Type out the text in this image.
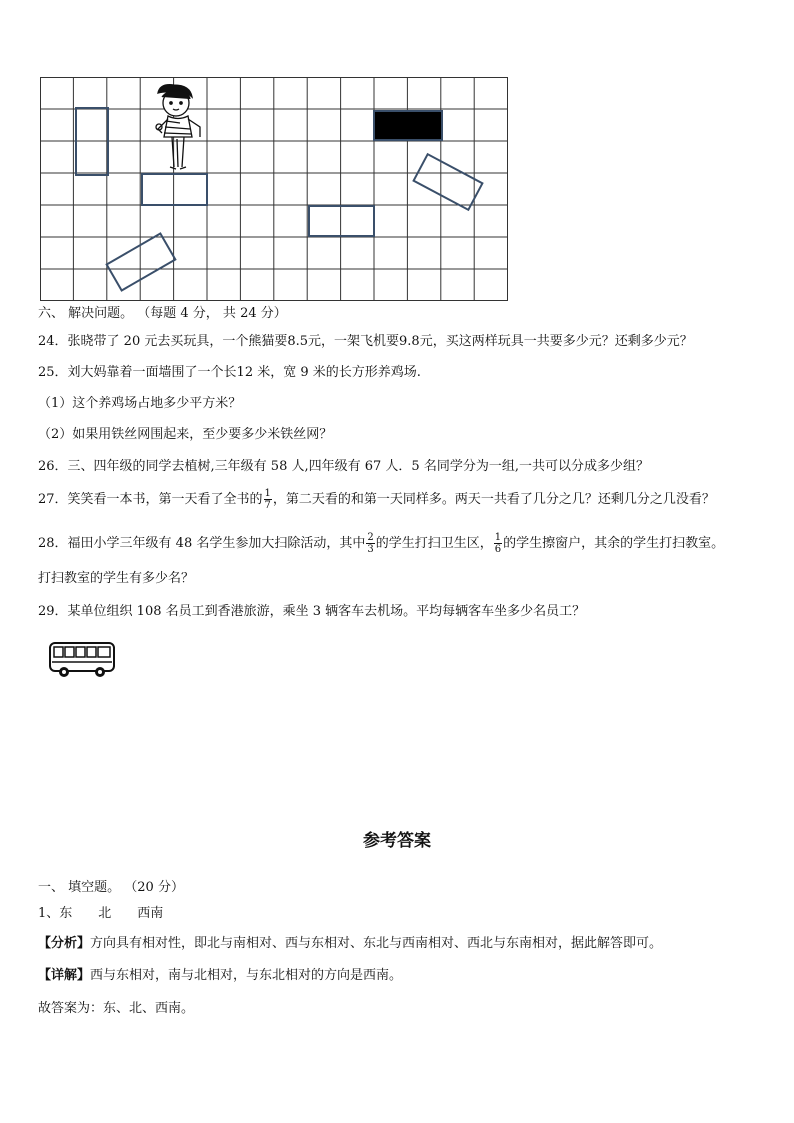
六、 解决问题。 （每题 4 分， 共 24 分）
24．张晓带了 20 元去买玩具，一个熊猫要8.5元，一架飞机要9.8元，买这两样玩具一共要多少元？还剩多少元？
25．刘大妈靠着一面墙围了一个长12 米，宽 9 米的长方形养鸡场.
（1）这个养鸡场占地多少平方米？
（2）如果用铁丝网围起来，至少要多少米铁丝网？
26．三、四年级的同学去植树,三年级有 58 人,四年级有 67 人．5 名同学分为一组,一共可以分成多少组？
27．笑笑看一本书，第一天看了全书的 $\frac{1}{7}$ ，第二天看的和第一天同样多。两天一共看了几分之几？还剩几分之几没看？
28．福田小学三年级有 48 名学生参加大扫除活动，其中 $\frac{2}{3}$ 的学生打扫卫生区， $\frac{1}{6}$ 的学生擦窗户，其余的学生打扫教室。
打扫教室的学生有多少名？
29．某单位组织 108 名员工到香港旅游，乘坐 3 辆客车去机场。平均每辆客车坐多少名员工？
参考答案
一、 填空题。 （20 分）
1、东　　北　　西南
【分析】方向具有相对性，即北与南相对、西与东相对、东北与西南相对、西北与东南相对，据此解答即可。
【详解】西与东相对，南与北相对，与东北相对的方向是西南。
故答案为：东、北、西南。
